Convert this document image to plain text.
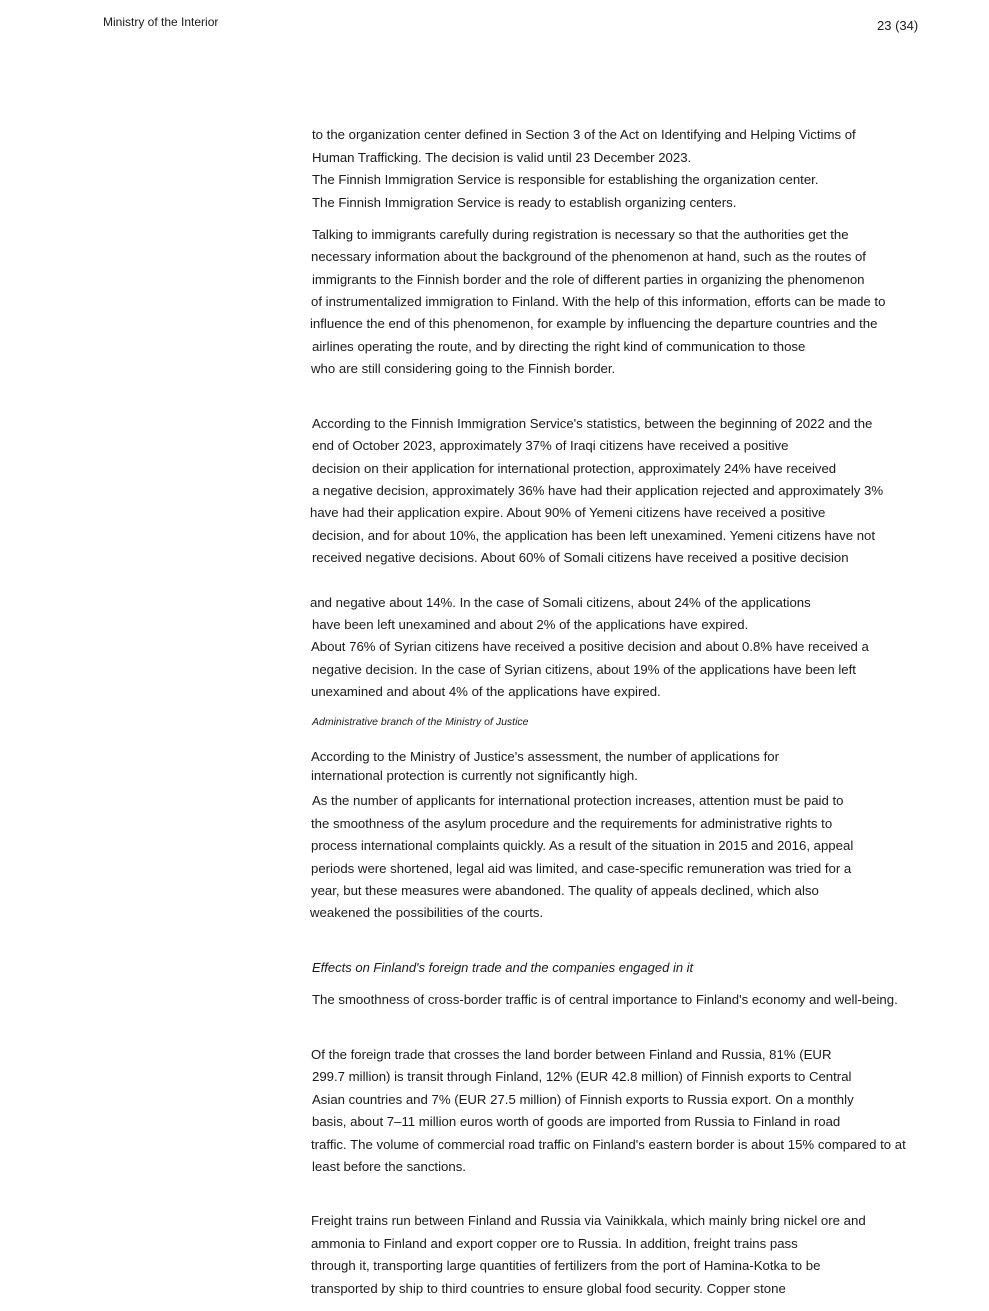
Ministry of the Interior	23 (34)
to the organization center defined in Section 3 of the Act on Identifying and Helping Victims of
Human Trafficking. The decision is valid until 23 December 2023.
The Finnish Immigration Service is responsible for establishing the organization center.
The Finnish Immigration Service is ready to establish organizing centers.
Talking to immigrants carefully during registration is necessary so that the authorities get the
necessary information about the background of the phenomenon at hand, such as the routes of
immigrants to the Finnish border and the role of different parties in organizing the phenomenon
of instrumentalized immigration to Finland. With the help of this information, efforts can be made to
influence the end of this phenomenon, for example by influencing the departure countries and the
airlines operating the route, and by directing the right kind of communication to those
who are still considering going to the Finnish border.
According to the Finnish Immigration Service's statistics, between the beginning of 2022 and the
end of October 2023, approximately 37% of Iraqi citizens have received a positive
decision on their application for international protection, approximately 24% have received
a negative decision, approximately 36% have had their application rejected and approximately 3%
have had their application expire. About 90% of Yemeni citizens have received a positive
decision, and for about 10%, the application has been left unexamined. Yemeni citizens have not
received negative decisions. About 60% of Somali citizens have received a positive decision
and negative about 14%. In the case of Somali citizens, about 24% of the applications
have been left unexamined and about 2% of the applications have expired.
About 76% of Syrian citizens have received a positive decision and about 0.8% have received a
negative decision. In the case of Syrian citizens, about 19% of the applications have been left
unexamined and about 4% of the applications have expired.
Administrative branch of the Ministry of Justice
According to the Ministry of Justice's assessment, the number of applications for
international protection is currently not significantly high.
As the number of applicants for international protection increases, attention must be paid to
the smoothness of the asylum procedure and the requirements for administrative rights to
process international complaints quickly. As a result of the situation in 2015 and 2016, appeal
periods were shortened, legal aid was limited, and case-specific remuneration was tried for a
year, but these measures were abandoned. The quality of appeals declined, which also
weakened the possibilities of the courts.
Effects on Finland's foreign trade and the companies engaged in it
The smoothness of cross-border traffic is of central importance to Finland's economy and well-being.
Of the foreign trade that crosses the land border between Finland and Russia, 81% (EUR
299.7 million) is transit through Finland, 12% (EUR 42.8 million) of Finnish exports to Central
Asian countries and 7% (EUR 27.5 million) of Finnish exports to Russia export. On a monthly
basis, about 7–11 million euros worth of goods are imported from Russia to Finland in road
traffic. The volume of commercial road traffic on Finland's eastern border is about 15% compared to at
least before the sanctions.
Freight trains run between Finland and Russia via Vainikkala, which mainly bring nickel ore and
ammonia to Finland and export copper ore to Russia. In addition, freight trains pass
through it, transporting large quantities of fertilizers from the port of Hamina-Kotka to be
transported by ship to third countries to ensure global food security. Copper stone
